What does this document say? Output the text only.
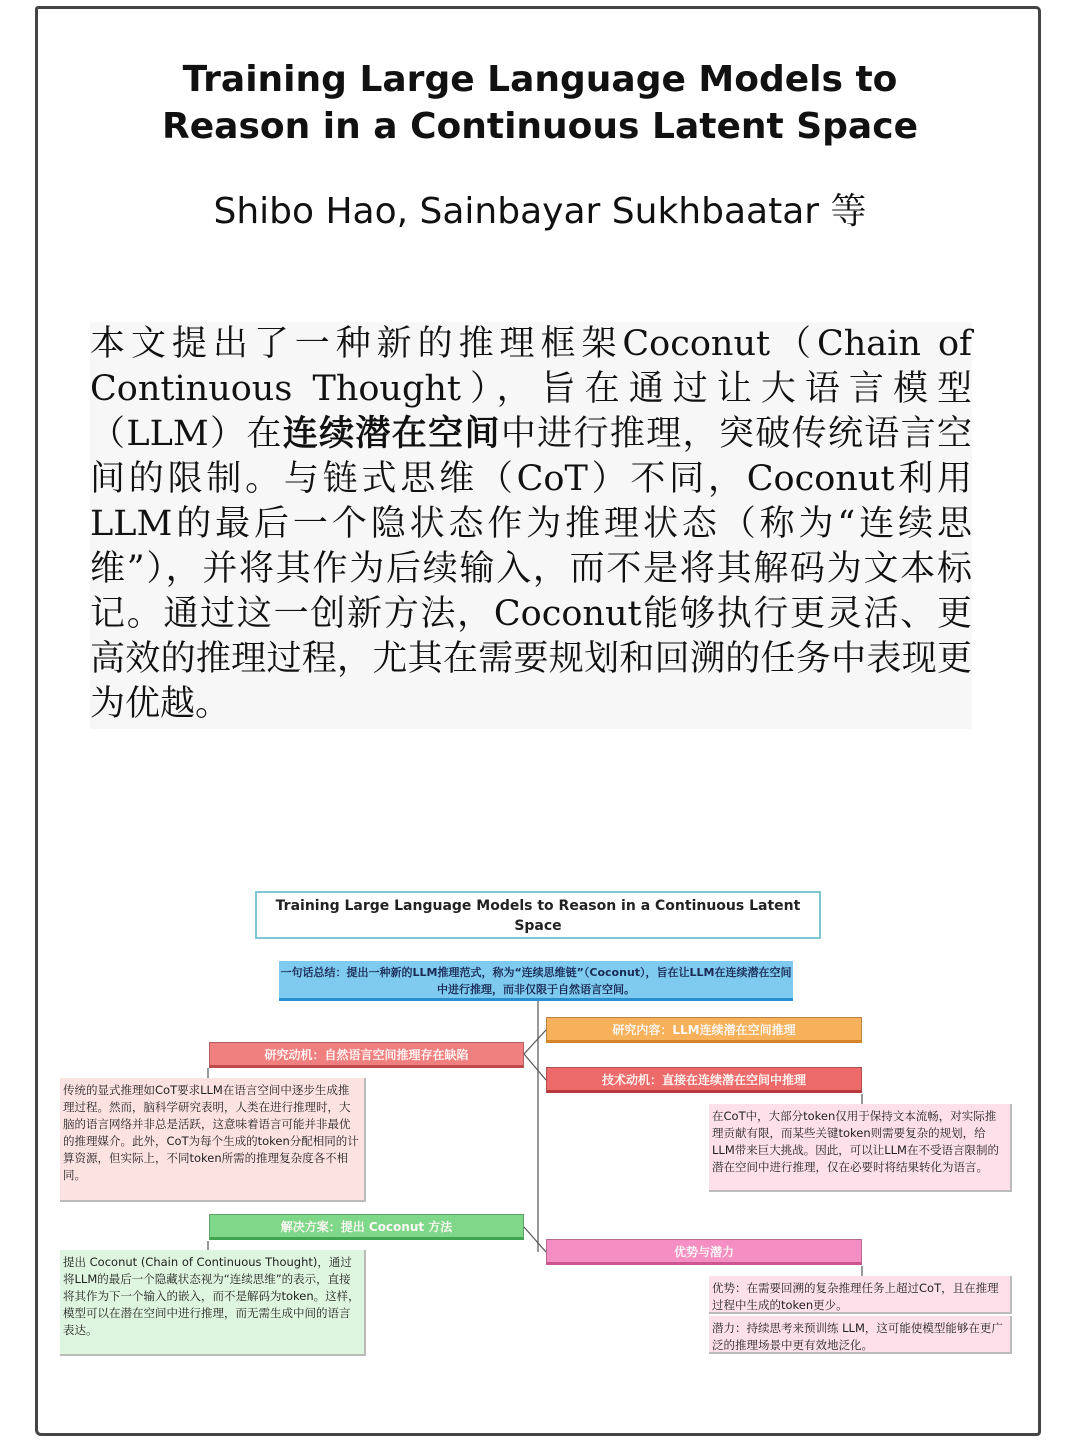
Training Large Language Models to
Reason in a Continuous Latent Space

Shibo Hao, Sainbayar Sukhbaatar 等

本文提出了一种新的推理框架Coconut（Chain of Continuous Thought），旨在通过让大语言模型（LLM）在连续潜在空间中进行推理，突破传统语言空间的限制。与链式思维（CoT）不同，Coconut利用LLM的最后一个隐状态作为推理状态（称为“连续思维”），并将其作为后续输入，而不是将其解码为文本标记。通过这一创新方法，Coconut能够执行更灵活、更高效的推理过程，尤其在需要规划和回溯的任务中表现更为优越。

Training Large Language Models to Reason in a Continuous Latent Space
一句话总结：提出一种新的LLM推理范式，称为“连续思维链”（Coconut），旨在让LLM在连续潜在空间中进行推理，而非仅限于自然语言空间。
研究动机：自然语言空间推理存在缺陷
传统的显式推理如CoT要求LLM在语言空间中逐步生成推理过程。然而，脑科学研究表明，人类在进行推理时，大脑的语言网络并非总是活跃，这意味着语言可能并非最优的推理媒介。此外，CoT为每个生成的token分配相同的计算资源，但实际上，不同token所需的推理复杂度各不相同。
研究内容：LLM连续潜在空间推理
技术动机：直接在连续潜在空间中推理
在CoT中，大部分token仅用于保持文本流畅，对实际推理贡献有限，而某些关键token则需要复杂的规划，给LLM带来巨大挑战。因此，可以让LLM在不受语言限制的潜在空间中进行推理，仅在必要时将结果转化为语言。
解决方案：提出 Coconut 方法
提出 Coconut (Chain of Continuous Thought)，通过将LLM的最后一个隐藏状态视为“连续思维”的表示，直接将其作为下一个输入的嵌入，而不是解码为token。这样，模型可以在潜在空间中进行推理，而无需生成中间的语言表达。
优势与潜力
优势：在需要回溯的复杂推理任务上超过CoT，且在推理过程中生成的token更少。
潜力：持续思考来预训练 LLM，这可能使模型能够在更广泛的推理场景中更有效地泛化。
